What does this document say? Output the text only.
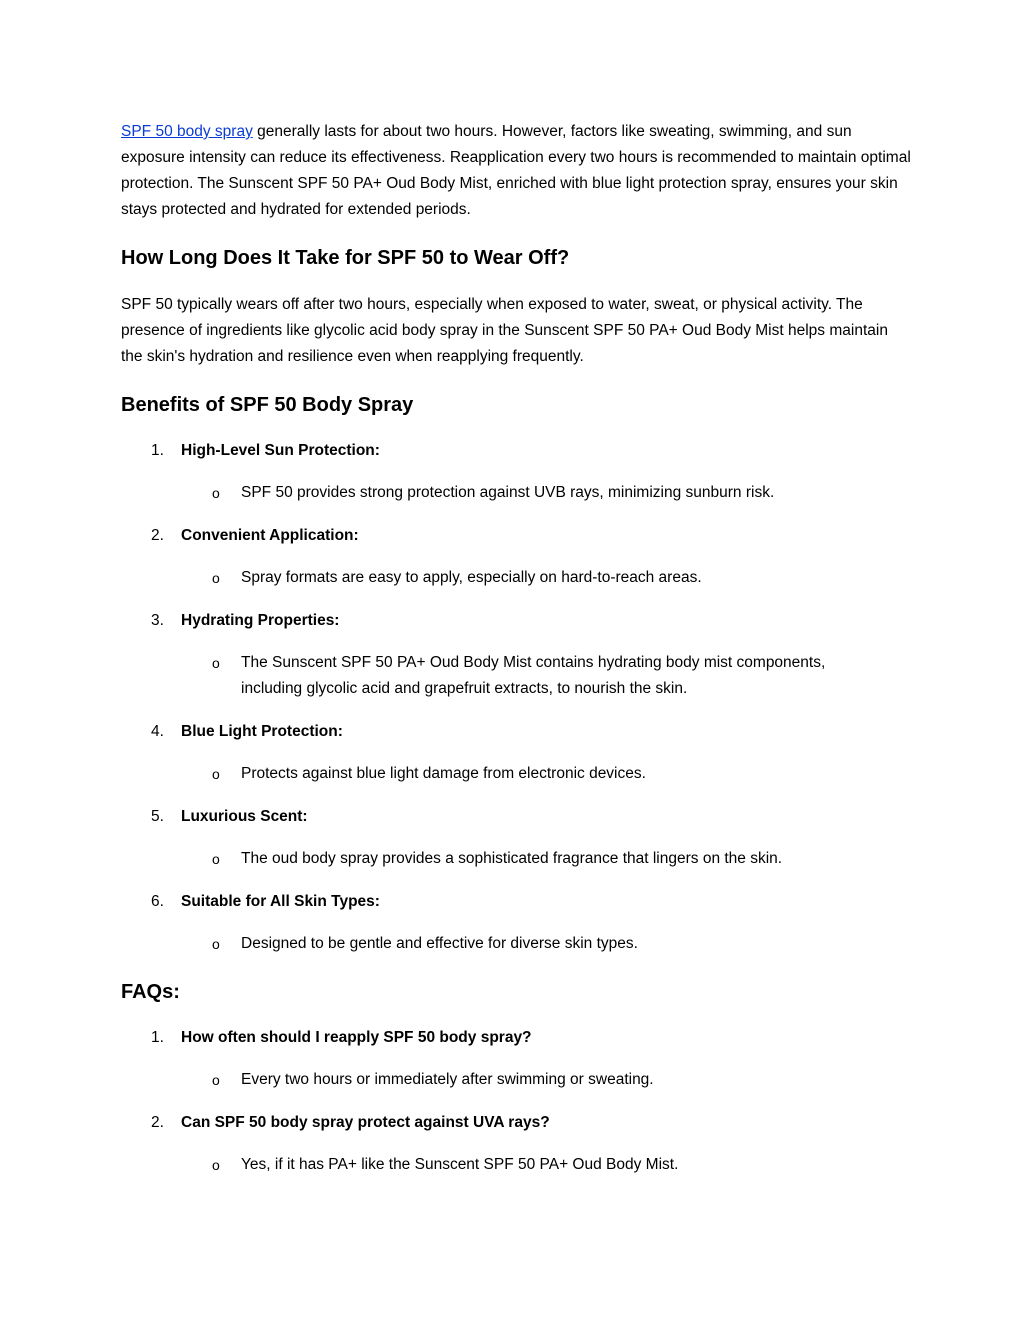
SPF 50 body spray generally lasts for about two hours. However, factors like sweating, swimming, and sun exposure intensity can reduce its effectiveness. Reapplication every two hours is recommended to maintain optimal protection. The Sunscent SPF 50 PA+ Oud Body Mist, enriched with blue light protection spray, ensures your skin stays protected and hydrated for extended periods.

How Long Does It Take for SPF 50 to Wear Off?

SPF 50 typically wears off after two hours, especially when exposed to water, sweat, or physical activity. The presence of ingredients like glycolic acid body spray in the Sunscent SPF 50 PA+ Oud Body Mist helps maintain the skin's hydration and resilience even when reapplying frequently.

Benefits of SPF 50 Body Spray
1.	High-Level Sun Protection:
o	SPF 50 provides strong protection against UVB rays, minimizing sunburn risk.
2.	Convenient Application:
o	Spray formats are easy to apply, especially on hard-to-reach areas.
3.	Hydrating Properties:
o	The Sunscent SPF 50 PA+ Oud Body Mist contains hydrating body mist components, including glycolic acid and grapefruit extracts, to nourish the skin.
4.	Blue Light Protection:
o	Protects against blue light damage from electronic devices.
5.	Luxurious Scent:
o	The oud body spray provides a sophisticated fragrance that lingers on the skin.
6.	Suitable for All Skin Types:
o	Designed to be gentle and effective for diverse skin types.
FAQs:
1.	How often should I reapply SPF 50 body spray?
o	Every two hours or immediately after swimming or sweating.
2.	Can SPF 50 body spray protect against UVA rays?
o	Yes, if it has PA+ like the Sunscent SPF 50 PA+ Oud Body Mist.
